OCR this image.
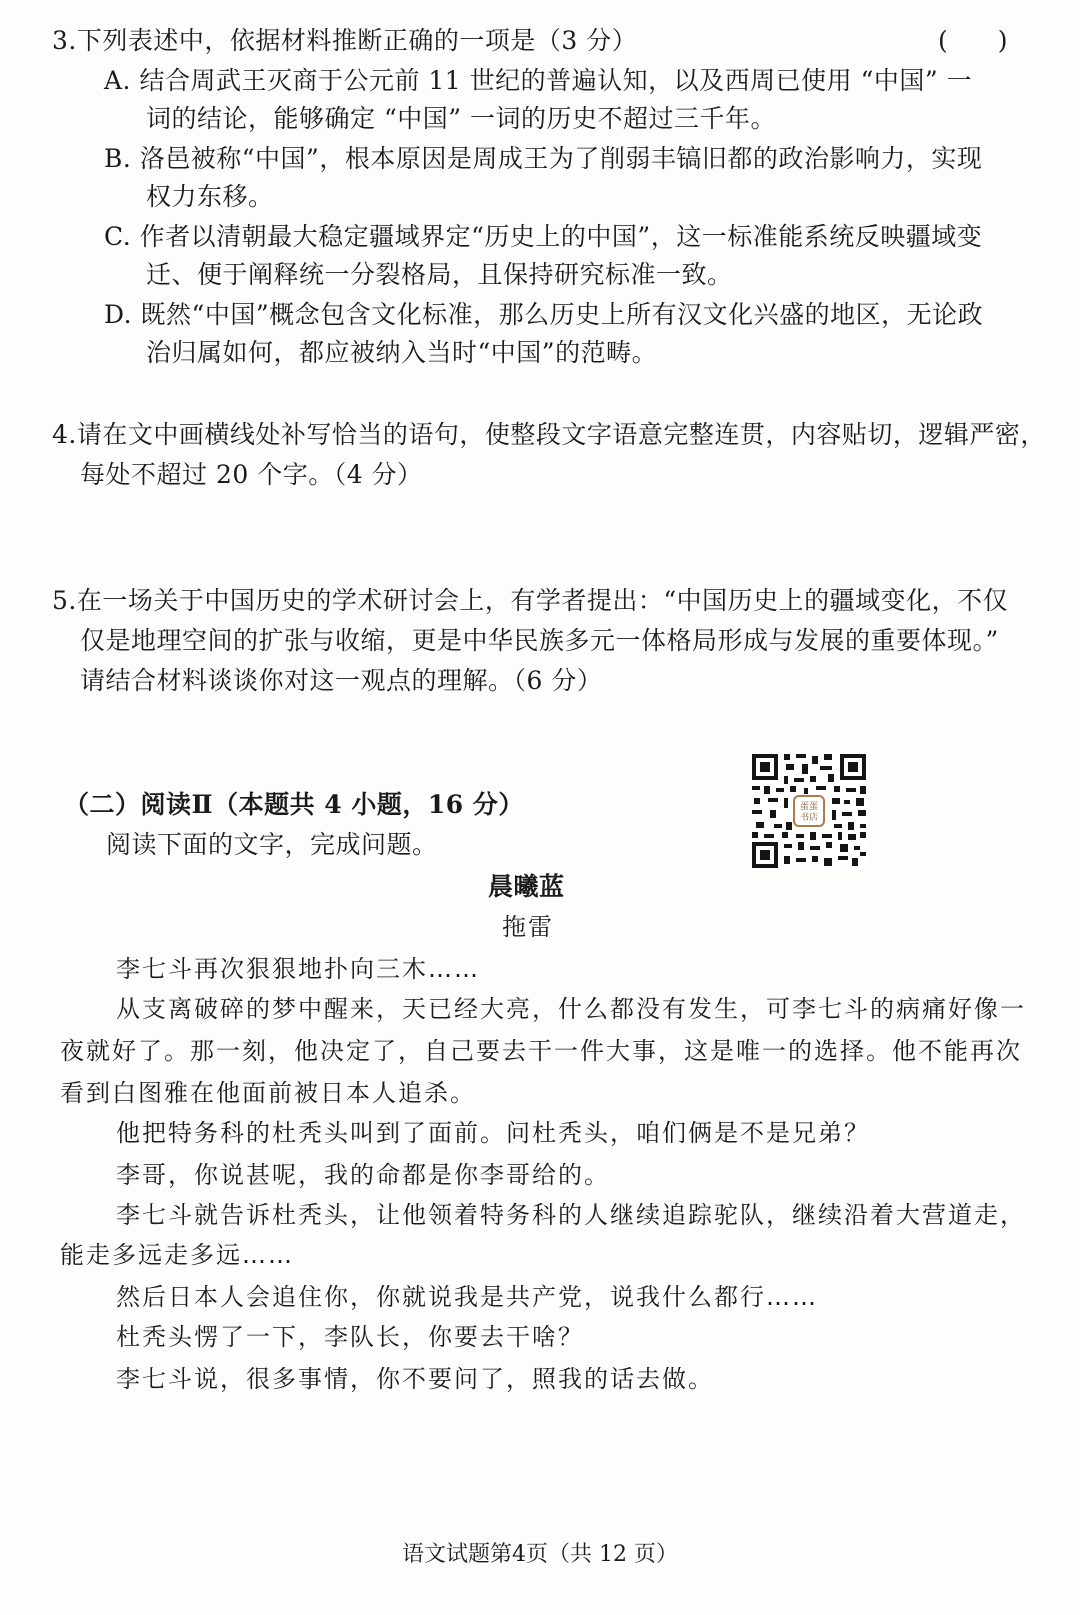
3.下列表述中，依据材料推断正确的一项是（3 分）	(　　)
A. 结合周武王灭商于公元前 11 世纪的普遍认知，以及西周已使用 “中国” 一
词的结论，能够确定 “中国” 一词的历史不超过三千年。
B. 洛邑被称“中国”，根本原因是周成王为了削弱丰镐旧都的政治影响力，实现
权力东移。
C. 作者以清朝最大稳定疆域界定“历史上的中国”，这一标准能系统反映疆域变
迁、便于阐释统一分裂格局，且保持研究标准一致。
D. 既然“中国”概念包含文化标准，那么历史上所有汉文化兴盛的地区，无论政
治归属如何，都应被纳入当时“中国”的范畴。
4.请在文中画横线处补写恰当的语句，使整段文字语意完整连贯，内容贴切，逻辑严密，
每处不超过 20 个字。（4 分）
5.在一场关于中国历史的学术研讨会上，有学者提出：“中国历史上的疆域变化，不仅
仅是地理空间的扩张与收缩，更是中华民族多元一体格局形成与发展的重要体现。”
请结合材料谈谈你对这一观点的理解。（6 分）
（二）阅读Ⅱ（本题共 4 小题，16 分）
阅读下面的文字，完成问题。
蛋蛋
书店
晨曦蓝
拖雷
李七斗再次狠狠地扑向三木……
从支离破碎的梦中醒来，天已经大亮，什么都没有发生，可李七斗的病痛好像一
夜就好了。那一刻，他决定了，自己要去干一件大事，这是唯一的选择。他不能再次
看到白图雅在他面前被日本人追杀。
他把特务科的杜秃头叫到了面前。问杜秃头，咱们俩是不是兄弟？
李哥，你说甚呢，我的命都是你李哥给的。
李七斗就告诉杜秃头，让他领着特务科的人继续追踪驼队，继续沿着大营道走，
能走多远走多远……
然后日本人会追住你，你就说我是共产党，说我什么都行……
杜秃头愣了一下，李队长，你要去干啥？
李七斗说，很多事情，你不要问了，照我的话去做。
语文试题第4页（共 12 页）
